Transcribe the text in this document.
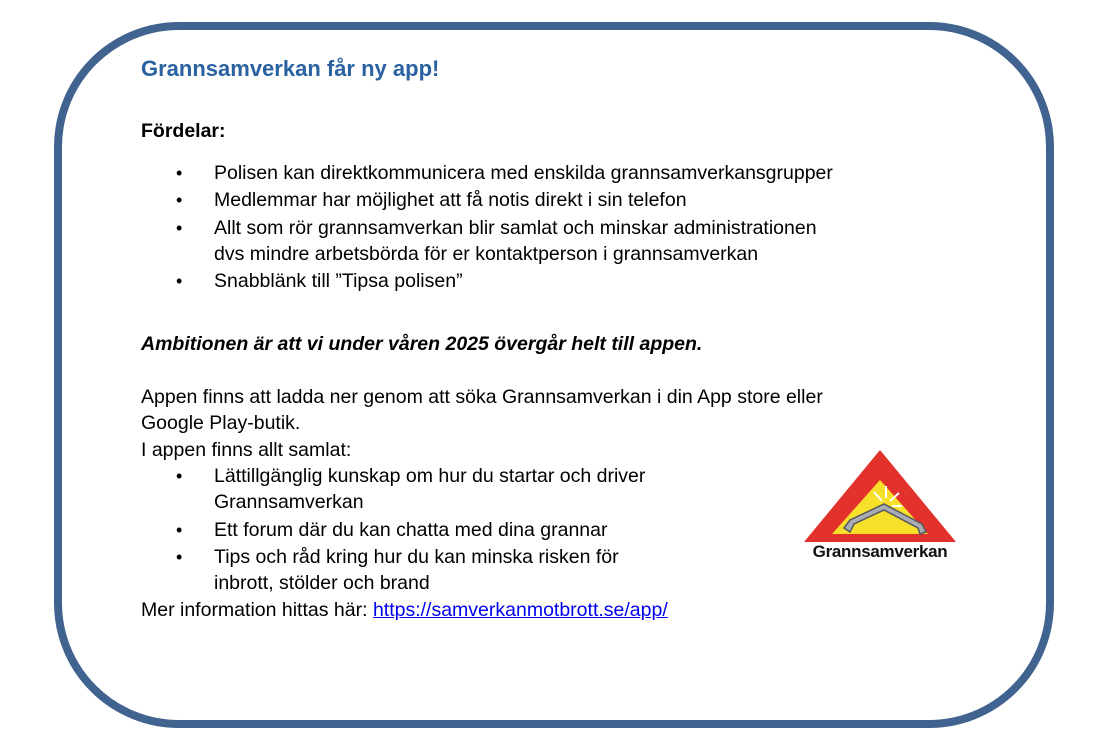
Grannsamverkan får ny app!
Fördelar:
• Polisen kan direktkommunicera med enskilda grannsamverkansgrupper
• Medlemmar har möjlighet att få notis direkt i sin telefon
• Allt som rör grannsamverkan blir samlat och minskar administrationen
dvs mindre arbetsbörda för er kontaktperson i grannsamverkan
• Snabblänk till ”Tipsa polisen”

Ambitionen är att vi under våren 2025 övergår helt till appen.

Appen finns att ladda ner genom att söka Grannsamverkan i din App store eller

Google Play-butik.

I appen finns allt samlat:

• Lättillgänglig kunskap om hur du startar och driver
Grannsamverkan
• Ett forum där du kan chatta med dina grannar
• Tips och råd kring hur du kan minska risken för
inbrott, stölder och brand

Mer information hittas här: https://samverkanmotbrott.se/app/

Grannsamverkan
